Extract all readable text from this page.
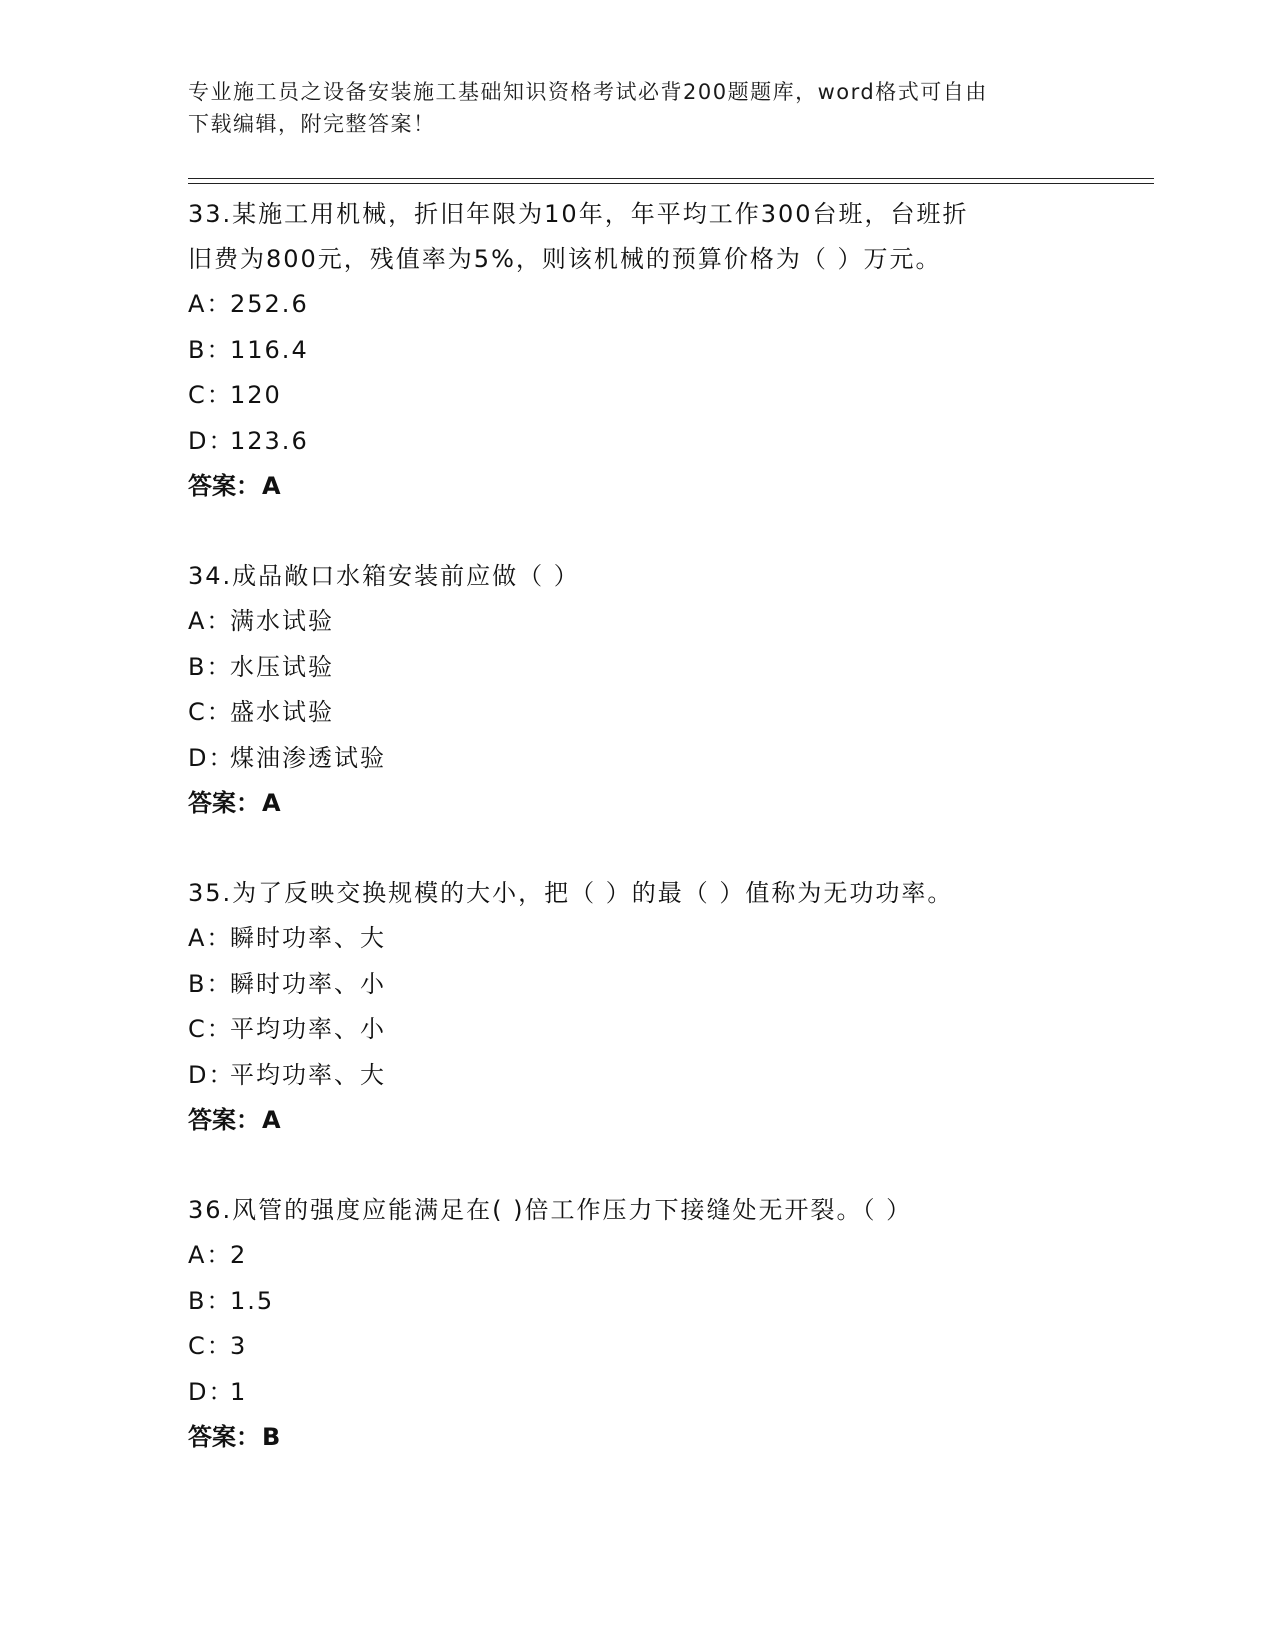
专业施工员之设备安装施工基础知识资格考试必背200题题库，word格式可自由
下载编辑，附完整答案！
33.某施工用机械，折旧年限为10年，年平均工作300台班，台班折
旧费为800元，残值率为5%，则该机械的预算价格为（ ）万元。
A：
252.6
B：
116.4
C：
120
D：
123.6
答案：A
34.成品敞口水箱安装前应做（ ）
A：
满水试验
B：
水压试验
C：
盛水试验
D：
煤油渗透试验
答案：A
35.为了反映交换规模的大小，把（ ）的最（ ）值称为无功功率。
A：
瞬时功率、大
B：
瞬时功率、小
C：
平均功率、小
D：
平均功率、大
答案：A
36.风管的强度应能满足在( )倍工作压力下接缝处无开裂。（ ）
A：
2
B：
1.5
C：
3
D：
1
答案：B
